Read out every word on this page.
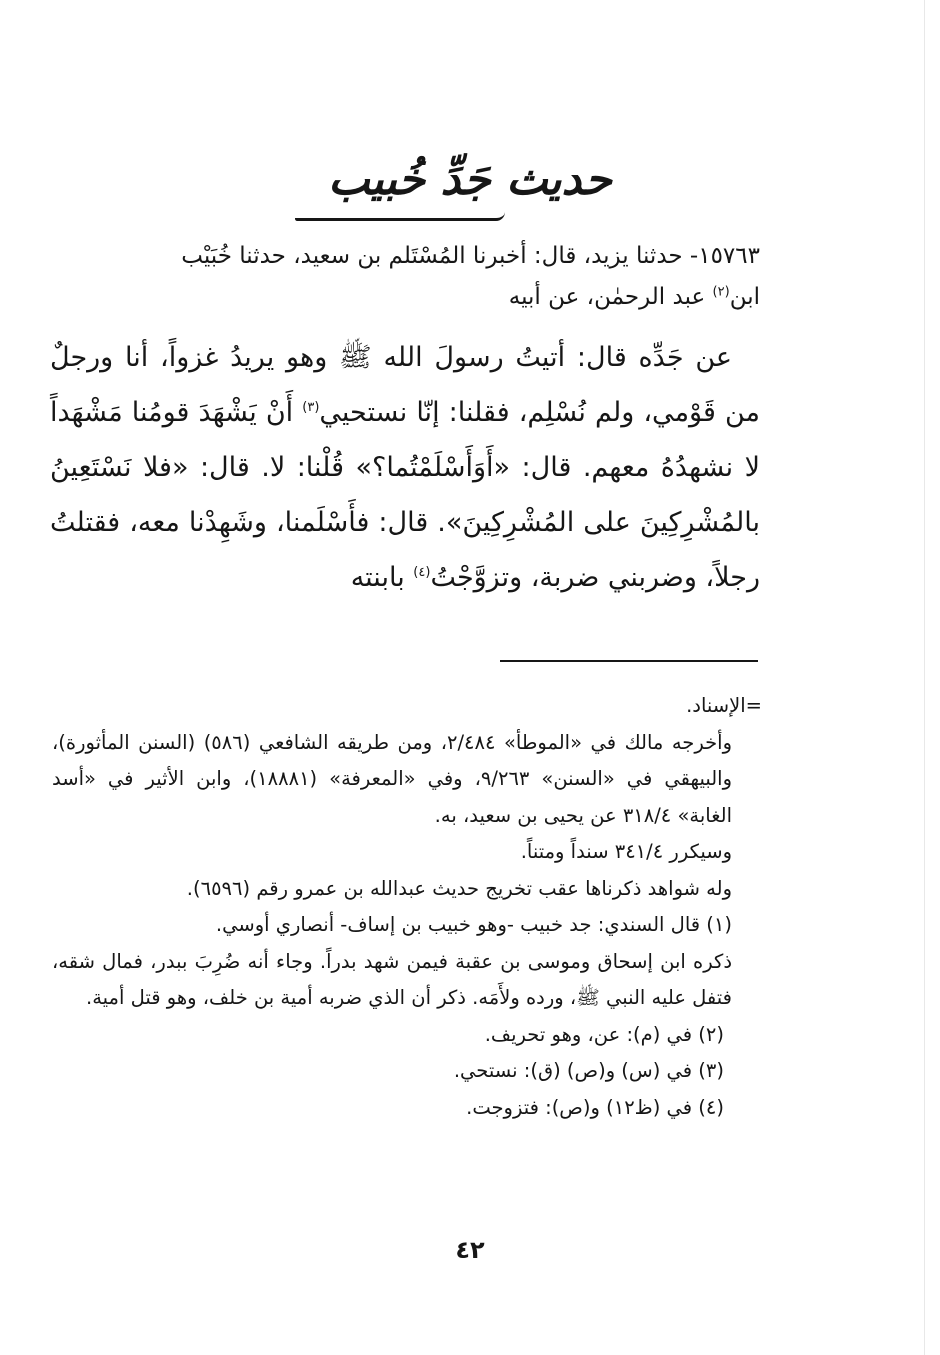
حديث جَدِّ خُبيب
١٥٧٦٣- حدثنا يزيد، قال: أخبرنا المُسْتَلم بن سعيد، حدثنا خُبَيْب
ابن$^{(٢)}$ عبد الرحمٰن، عن أبيه
عن جَدِّه قال: أتيتُ رسولَ الله ﷺ وهو يريدُ غزواً، أنا ورجلٌ من قَوْمي، ولم نُسْلِم، فقلنا: إنّا نستحيي$^{(٣)}$ أَنْ يَشْهَدَ قومُنا مَشْهَداً لا نشهدُهُ معهم. قال: «أَوَأَسْلَمْتُما؟» قُلْنا: لا. قال: «فلا نَسْتَعِينُ بالمُشْرِكِينَ على المُشْرِكِينَ». قال: فأَسْلَمنا، وشَهِدْنا معه، فقتلتُ رجلاً، وضربني ضربة، وتزوَّجْتُ$^{(٤)}$ بابنته

=الإسناد.

وأخرجه مالك في «الموطأ» ٢/٤٨٤، ومن طريقه الشافعي (٥٨٦) (السنن المأثورة)، والبيهقي في «السنن» ٩/٢٦٣، وفي «المعرفة» (١٨٨٨١)، وابن الأثير في «أسد الغابة» ٣١٨/٤ عن يحيى بن سعيد، به.

وسيكرر ٣٤١/٤ سنداً ومتناً.

وله شواهد ذكرناها عقب تخريج حديث عبدالله بن عمرو رقم (٦٥٩٦).

(١) قال السندي: جد خبيب -وهو خبيب بن إساف- أنصاري أوسي.

ذكره ابن إسحاق وموسى بن عقبة فيمن شهد بدراً. وجاء أنه ضُرِبَ ببدر، فمال شقه، فتفل عليه النبي ﷺ، ورده ولأَمَه. ذكر أن الذي ضربه أمية بن خلف، وهو قتل أمية.

(٢) في (م): عن، وهو تحريف.

(٣) في (س) و(ص) (ق): نستحي.

(٤) في (ظ١٢) و(ص): فتزوجت.

٤٢
